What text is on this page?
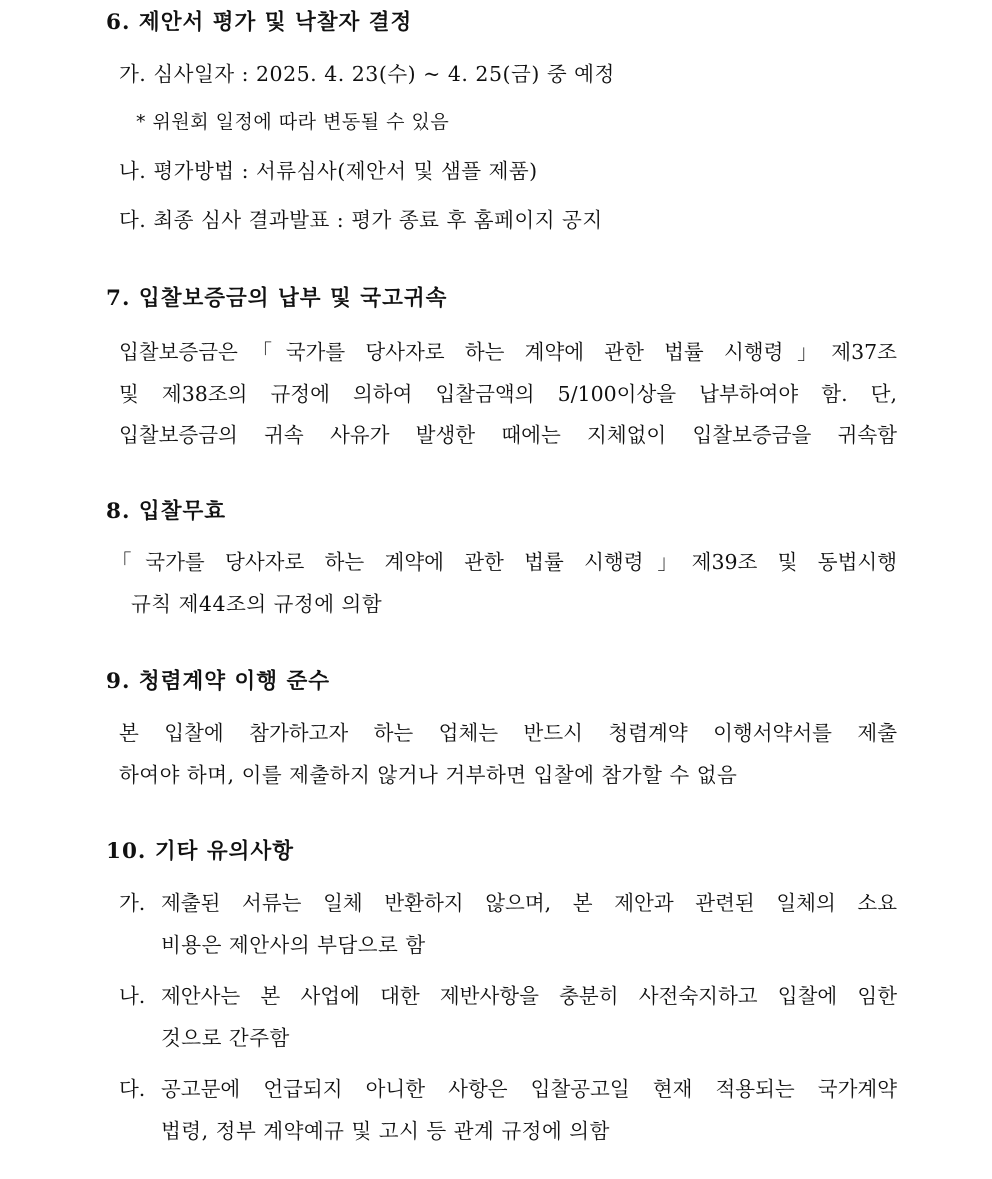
6. 제안서 평가 및 낙찰자 결정
가. 심사일자 : 2025. 4. 23(수) ~ 4. 25(금) 중 예정
* 위원회 일정에 따라 변동될 수 있음
나. 평가방법 : 서류심사(제안서 및 샘플 제품)
다. 최종 심사 결과발표 : 평가 종료 후 홈페이지 공지
7. 입찰보증금의 납부 및 국고귀속
입찰보증금은「국가를 당사자로 하는 계약에 관한 법률 시행령」제37조
및 제38조의 규정에 의하여 입찰금액의 5/100이상을 납부하여야 함. 단,
입찰보증금의 귀속 사유가 발생한 때에는 지체없이 입찰보증금을 귀속함
8. 입찰무효
「국가를 당사자로 하는 계약에 관한 법률 시행령」제39조 및 동법시행
규칙 제44조의 규정에 의함
9. 청렴계약 이행 준수
본 입찰에 참가하고자 하는 업체는 반드시 청렴계약 이행서약서를 제출
하여야 하며, 이를 제출하지 않거나 거부하면 입찰에 참가할 수 없음
10. 기타 유의사항
가. 제출된 서류는 일체 반환하지 않으며, 본 제안과 관련된 일체의 소요
비용은 제안사의 부담으로 함
나. 제안사는 본 사업에 대한 제반사항을 충분히 사전숙지하고 입찰에 임한
것으로 간주함
다. 공고문에 언급되지 아니한 사항은 입찰공고일 현재 적용되는 국가계약
법령, 정부 계약예규 및 고시 등 관계 규정에 의함
